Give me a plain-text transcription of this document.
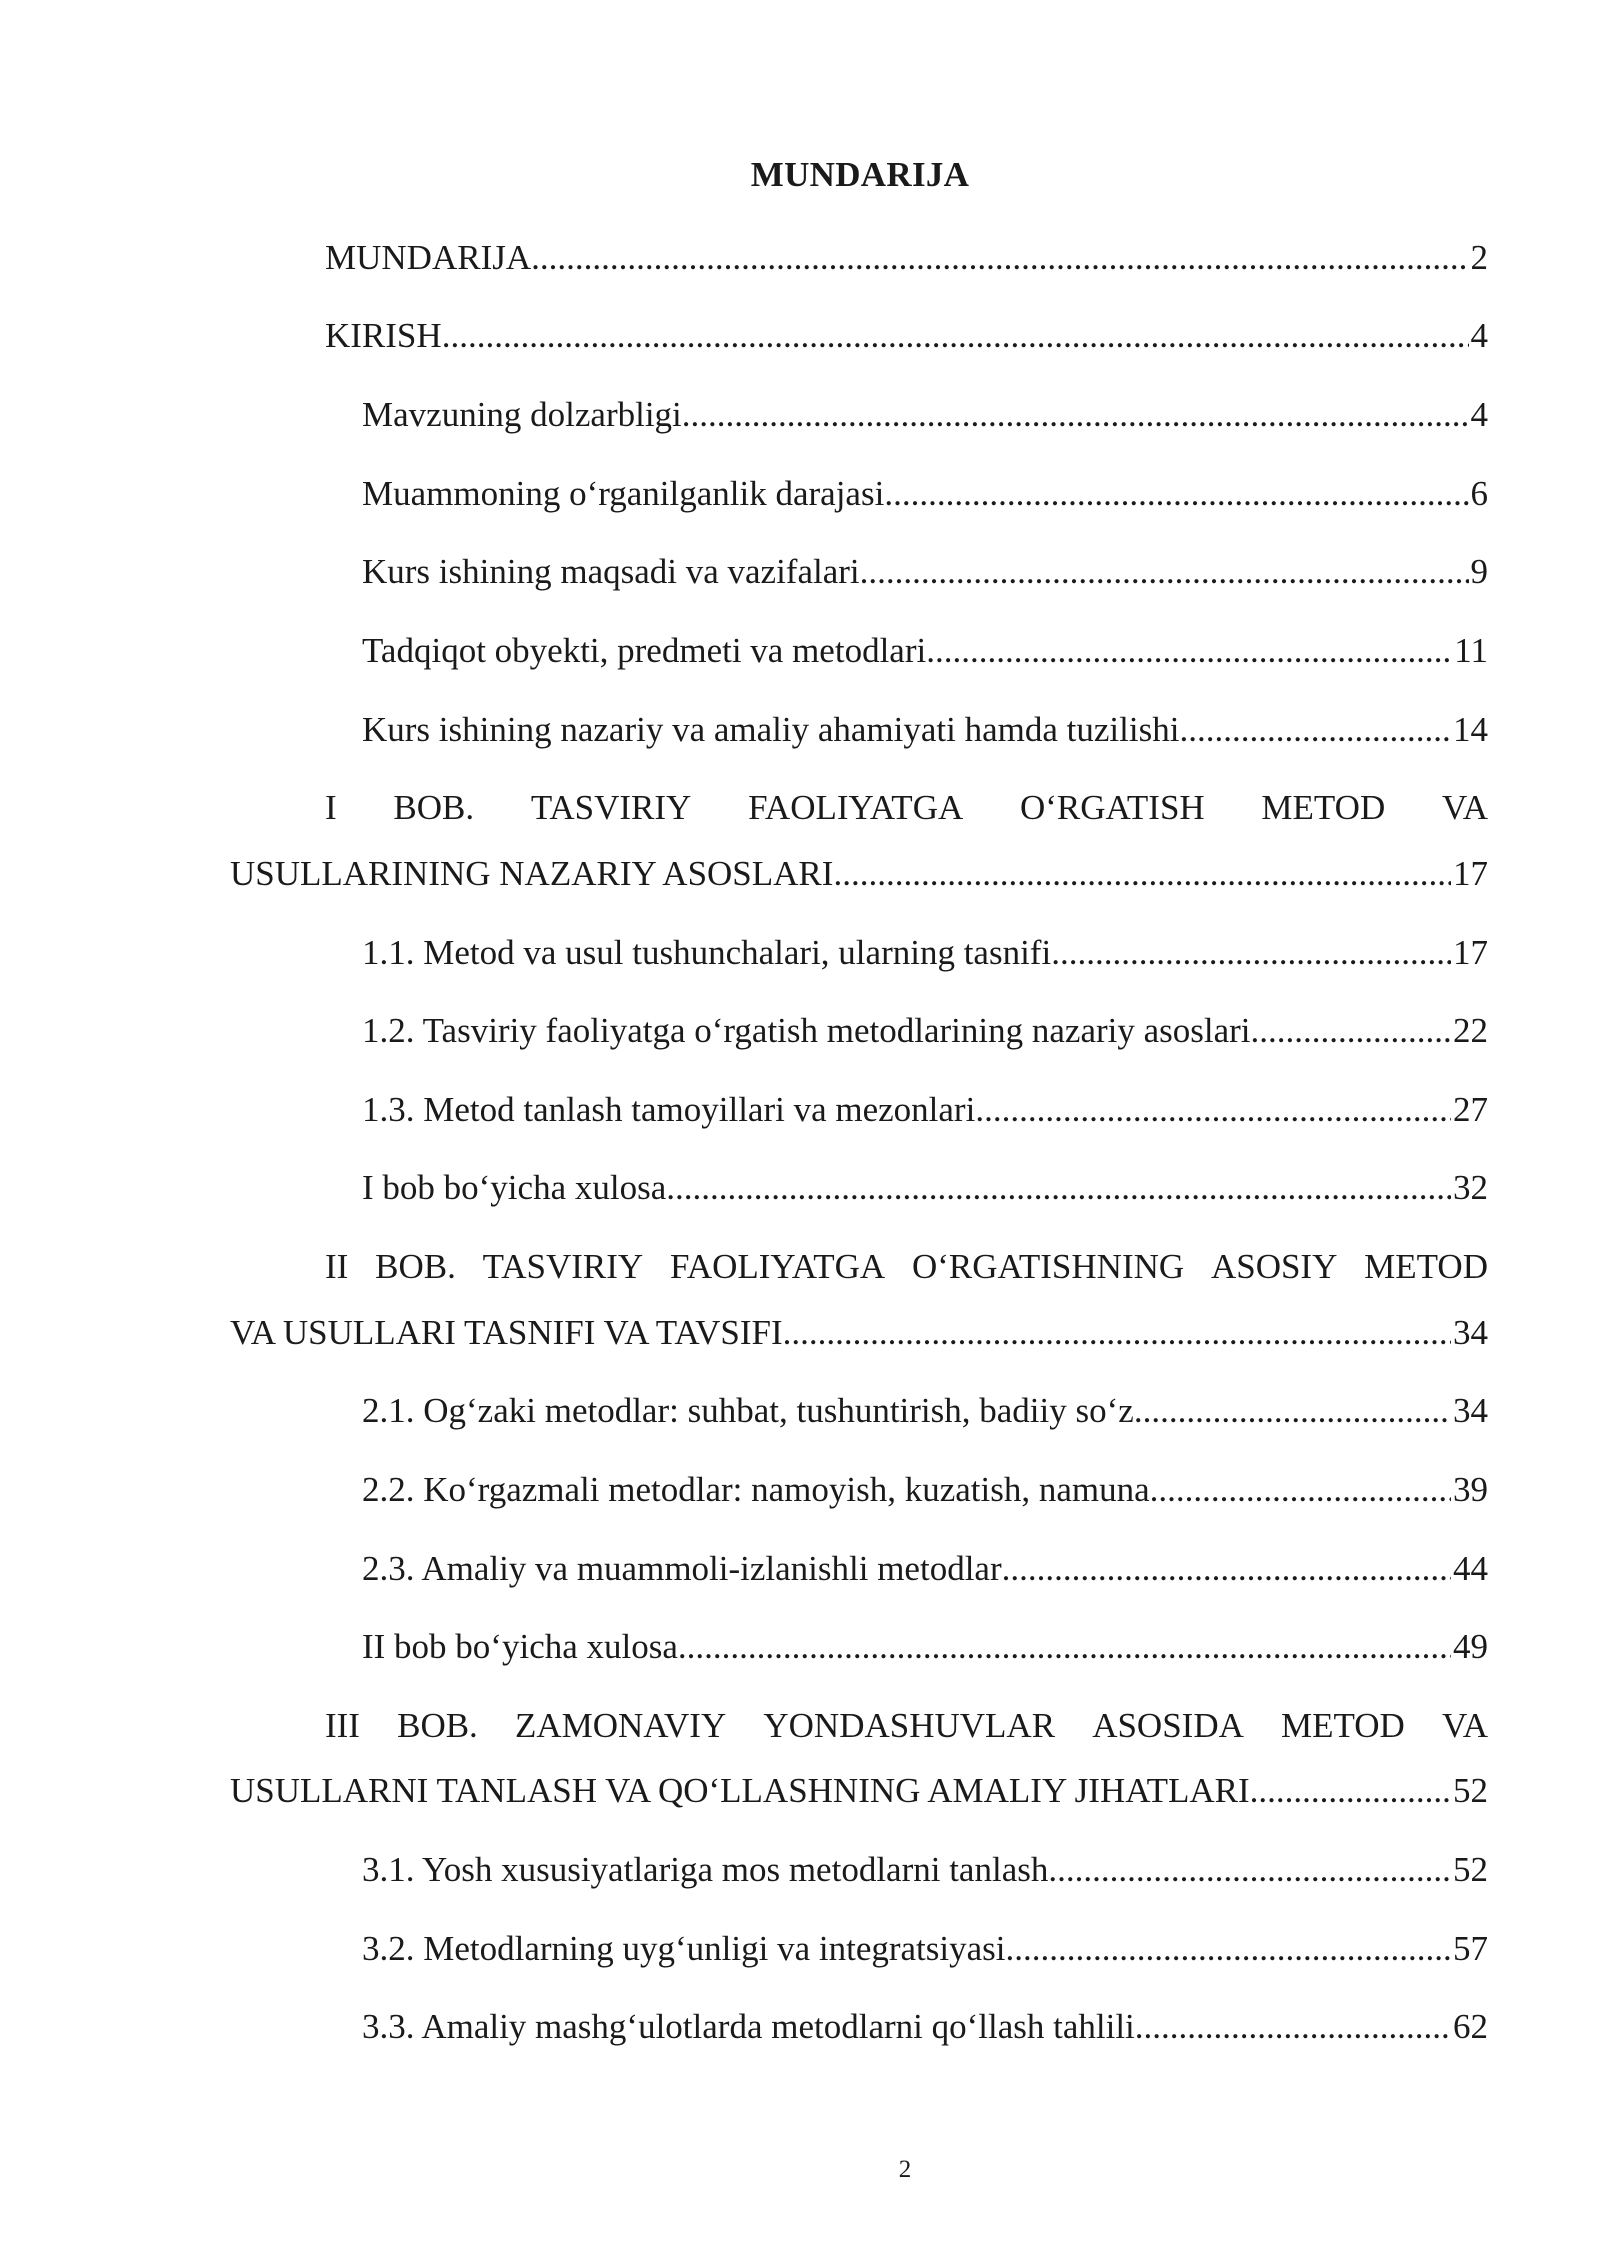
MUNDARIJA
MUNDARIJA .....	2
KIRISH .....	4
Mavzuning dolzarbligi .....	4
Muammoning o‘rganilganlik darajasi .....	6
Kurs ishining maqsadi va vazifalari .....	9
Tadqiqot obyekti, predmeti va metodlari .....	11
Kurs ishining nazariy va amaliy ahamiyati hamda tuzilishi .....	14
I BOB. TASVIRIY FAOLIYATGA O‘RGATISH METOD VA
USULLARINING NAZARIY ASOSLARI .....	17
1.1. Metod va usul tushunchalari, ularning tasnifi .....	17
1.2. Tasviriy faoliyatga o‘rgatish metodlarining nazariy asoslari .....	22
1.3. Metod tanlash tamoyillari va mezonlari .....	27
I bob bo‘yicha xulosa .....	32
II BOB. TASVIRIY FAOLIYATGA O‘RGATISHNING ASOSIY METOD
VA USULLARI TASNIFI VA TAVSIFI .....	34
2.1. Og‘zaki metodlar: suhbat, tushuntirish, badiiy so‘z .....	34
2.2. Ko‘rgazmali metodlar: namoyish, kuzatish, namuna .....	39
2.3. Amaliy va muammoli-izlanishli metodlar .....	44
II bob bo‘yicha xulosa .....	49
III BOB. ZAMONAVIY YONDASHUVLAR ASOSIDA METOD VA
USULLARNI TANLASH VA QO‘LLASHNING AMALIY JIHATLARI .....	52
3.1. Yosh xususiyatlariga mos metodlarni tanlash .....	52
3.2. Metodlarning uyg‘unligi va integratsiyasi .....	57
3.3. Amaliy mashg‘ulotlarda metodlarni qo‘llash tahlili .....	62
2
